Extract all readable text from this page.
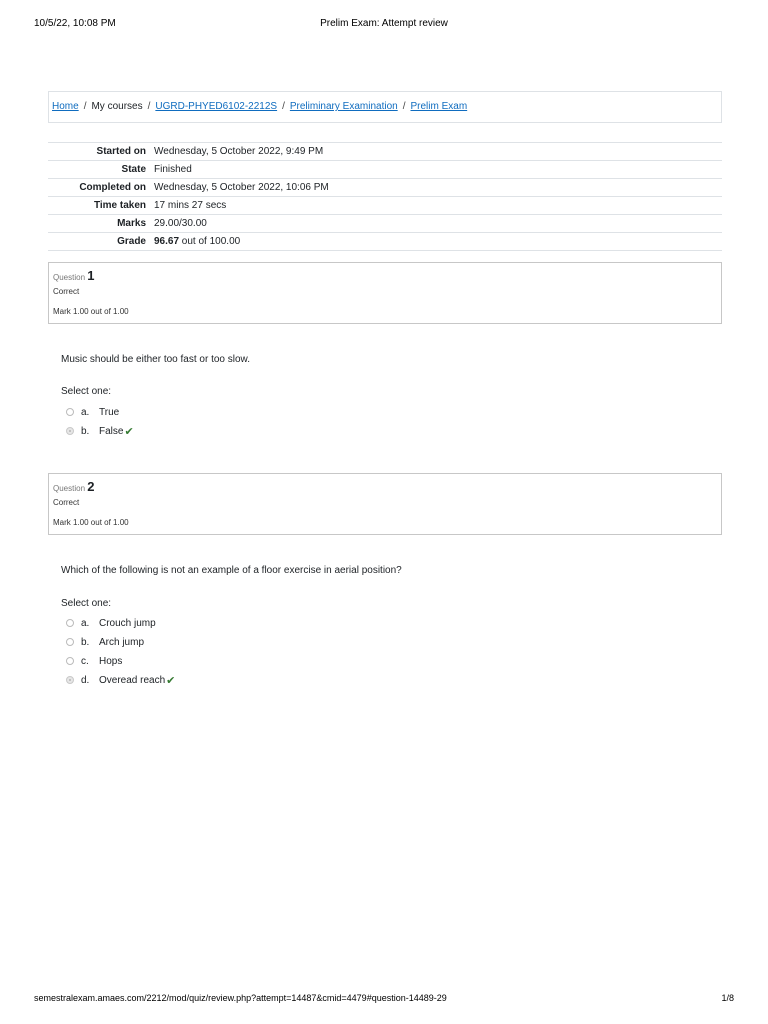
10/5/22, 10:08 PM	Prelim Exam: Attempt review
Home / My courses / UGRD-PHYED6102-2212S / Preliminary Examination / Prelim Exam
Started on	Wednesday, 5 October 2022, 9:49 PM
State	Finished
Completed on	Wednesday, 5 October 2022, 10:06 PM
Time taken	17 mins 27 secs
Marks	29.00/30.00
Grade	96.67 out of 100.00
Question 1
Correct
Mark 1.00 out of 1.00
Music should be either too fast or too slow.
Select one:
a. True
b. False ✔
Question 2
Correct
Mark 1.00 out of 1.00
Which of the following is not an example of a floor exercise in aerial position?
Select one:
a. Crouch jump
b. Arch jump
c.	Hops
d. Overead reach ✔
semestralexam.amaes.com/2212/mod/quiz/review.php?attempt=14487&cmid=4479#question-14489-29	1/8
